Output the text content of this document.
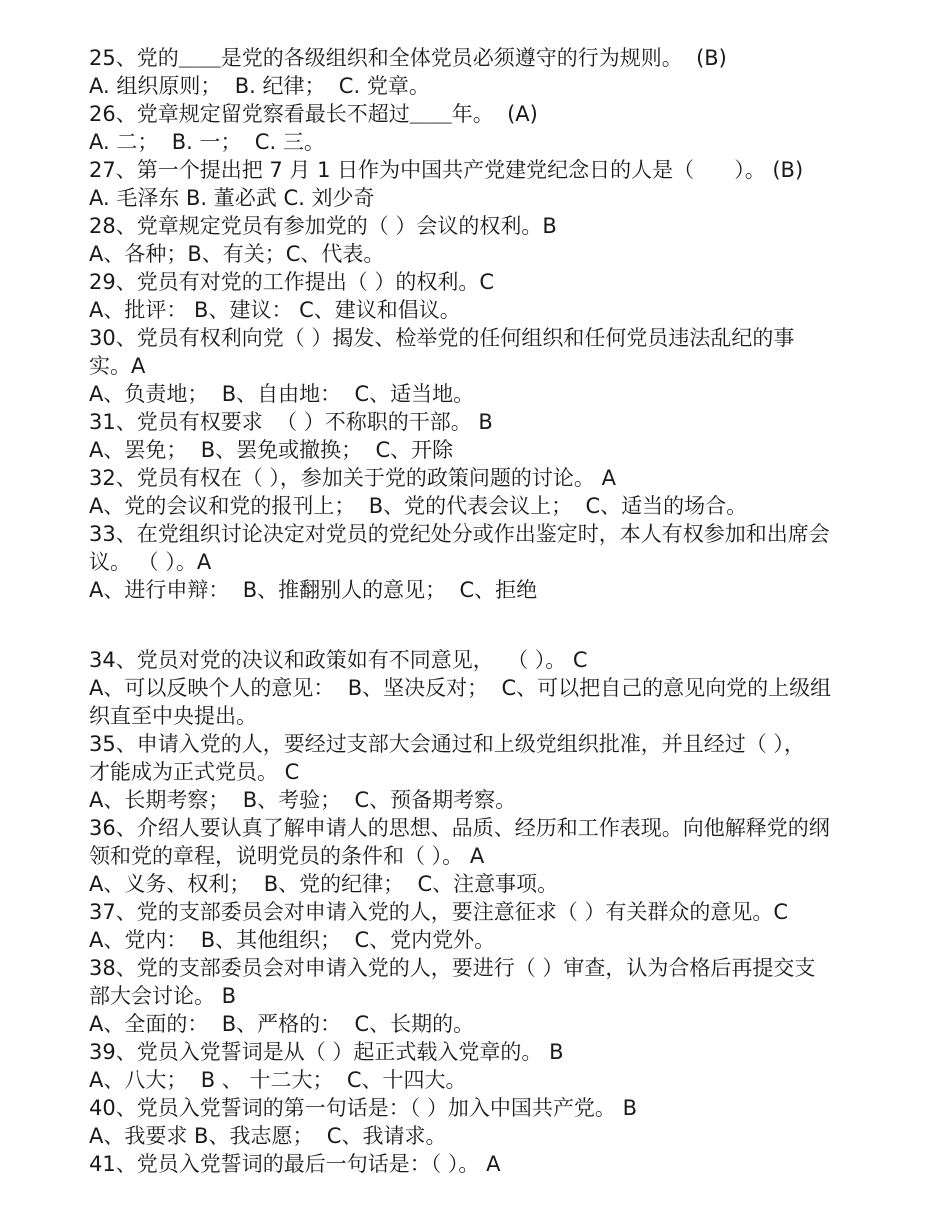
25、党的＿＿是党的各级组织和全体党员必须遵守的行为规则。  (B)
A. 组织原则；  B. 纪律；  C. 党章。
26、党章规定留党察看最长不超过＿＿年。  (A)
A. 二；  B. 一；  C. 三。
27、第一个提出把 7 月 1 日作为中国共产党建党纪念日的人是（      ）。 (B)
A. 毛泽东 B. 董必武 C. 刘少奇
28、党章规定党员有参加党的（ ）会议的权利。B
A、各种；B、有关；C、代表。
29、党员有对党的工作提出（ ）的权利。C
A、批评： B、建议： C、建议和倡议。
30、党员有权利向党（ ）揭发、检举党的任何组织和任何党员违法乱纪的事
实。A
A、负责地；  B、自由地：  C、适当地。
31、党员有权要求  （ ）不称职的干部。 B
A、罢免；  B、罢免或撤换；  C、开除
32、党员有权在（ ），参加关于党的政策问题的讨论。 A
A、党的会议和党的报刊上；  B、党的代表会议上；  C、适当的场合。
33、在党组织讨论决定对党员的党纪处分或作出鉴定时，本人有权参加和出席会
议。 （ ）。A
A、进行申辩：  B、推翻别人的意见；  C、拒绝
34、党员对党的决议和政策如有不同意见，  （ ）。 C
A、可以反映个人的意见：  B、坚决反对；  C、可以把自己的意见向党的上级组
织直至中央提出。
35、申请入党的人，要经过支部大会通过和上级党组织批准，并且经过（ ），
才能成为正式党员。 C
A、长期考察；  B、考验；  C、预备期考察。
36、介绍人要认真了解申请人的思想、品质、经历和工作表现。向他解释党的纲
领和党的章程，说明党员的条件和（ ）。 A
A、义务、权利；  B、党的纪律；  C、注意事项。
37、党的支部委员会对申请入党的人，要注意征求（ ）有关群众的意见。C
A、党内：  B、其他组织；  C、党内党外。
38、党的支部委员会对申请入党的人，要进行（ ）审查，认为合格后再提交支
部大会讨论。 B
A、全面的：  B、严格的：  C、长期的。
39、党员入党誓词是从（ ）起正式载入党章的。 B
A、八大；  B 、 十二大；  C、十四大。
40、党员入党誓词的第一句话是：（ ）加入中国共产党。 B
A、我要求 B、我志愿；  C、我请求。
41、党员入党誓词的最后一句话是：（ ）。 A
